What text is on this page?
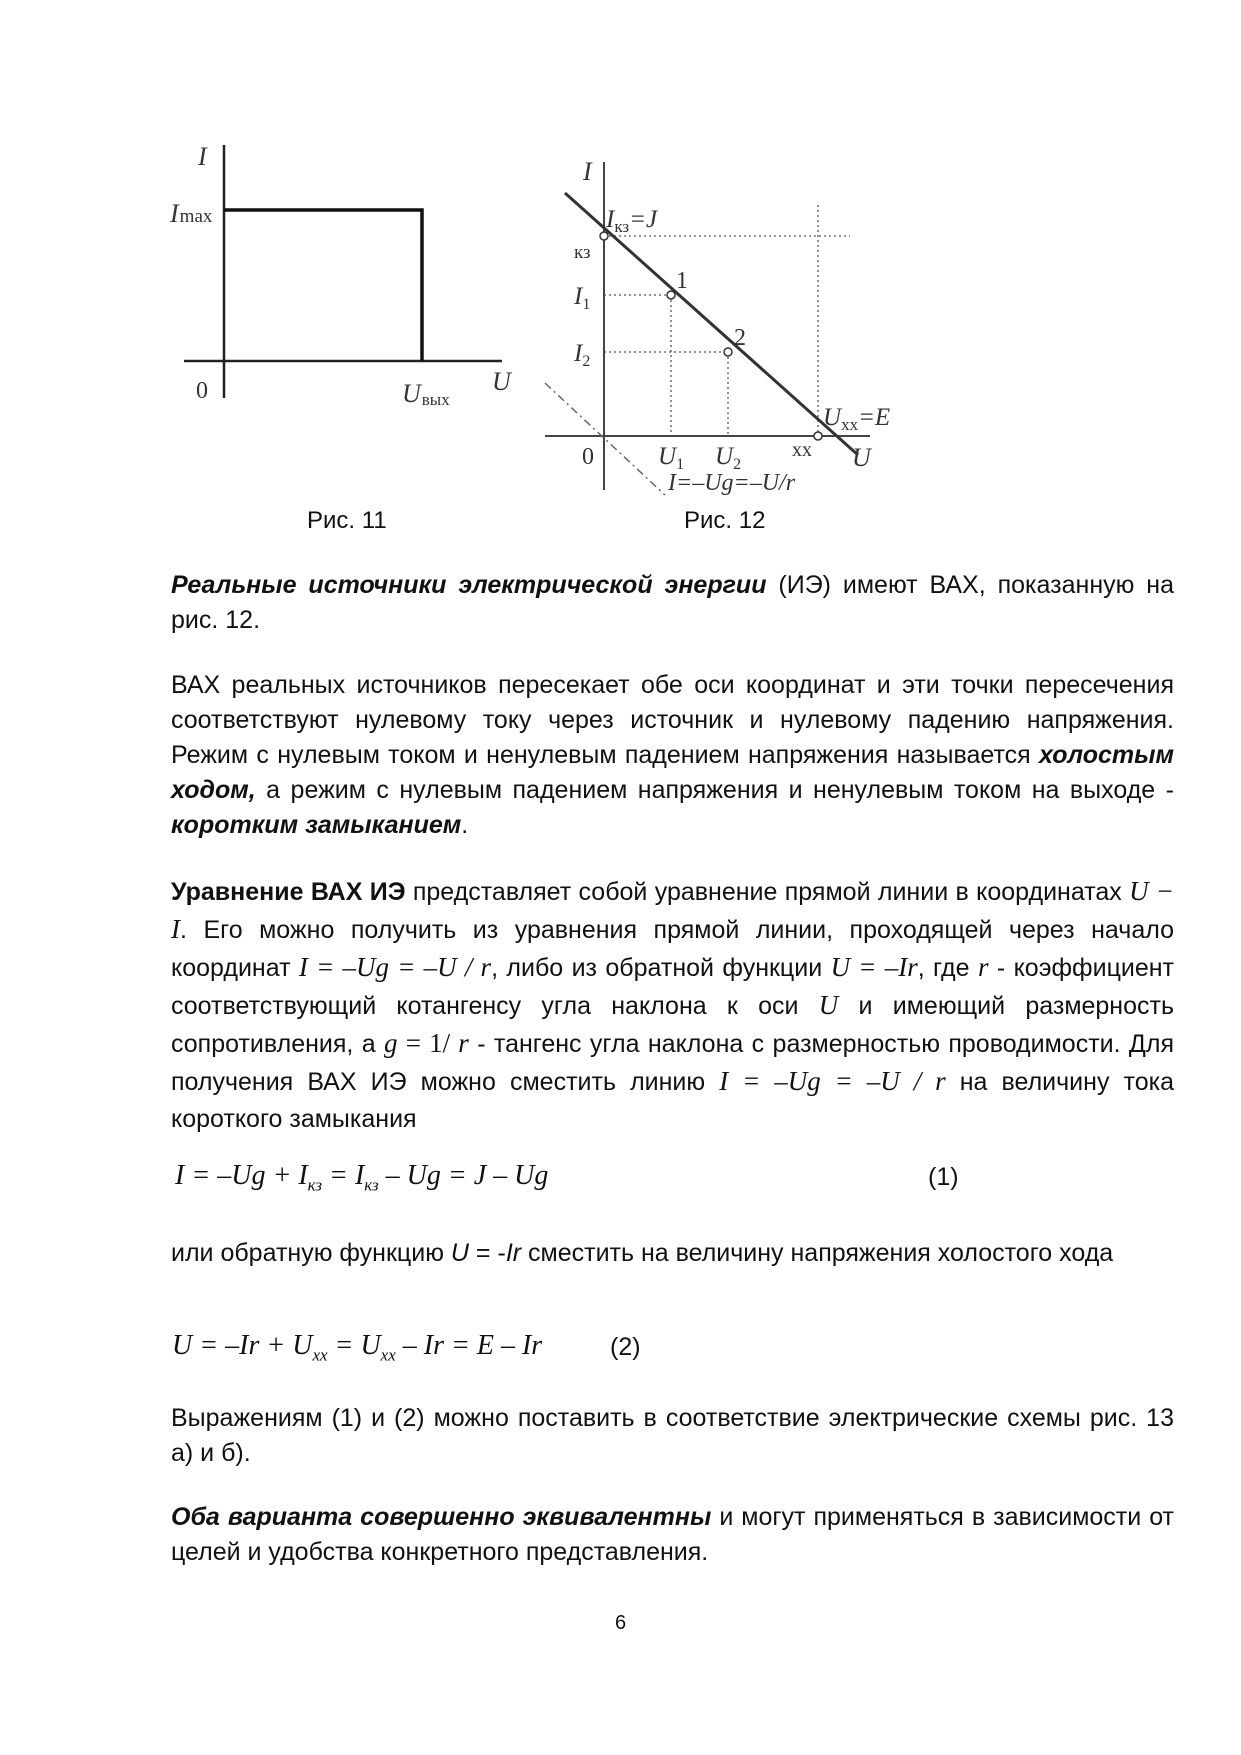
I
Imax
0	Uвых
U
Рис. 11
I
$I_{кз}=J$
кз
$I_1$
$I_2$
1
2
$U_{хх}=E$
хх U
0	$U_1$ $U_2$
I=–Ug=–U/r
Рис. 12

Реальные источники электрической энергии (ИЭ) имеют ВАХ, показанную на рис. 12.

ВАХ реальных источников пересекает обе оси координат и эти точки пересечения соответствуют нулевому току через источник и нулевому падению напряжения. Режим с нулевым током и ненулевым падением напряжения называется холостым ходом, а режим с нулевым падением напряжения и ненулевым током на выходе - коротким замыканием.

Уравнение ВАХ ИЭ представляет собой уравнение прямой линии в координатах U − I. Его можно получить из уравнения прямой линии, проходящей через начало координат I = –Ug = –U / r, либо из обратной функции U = –Ir, где r - коэффициент соответствующий котангенсу угла наклона к оси U и имеющий размерность сопротивления, а g = 1/ r - тангенс угла наклона с размерностью проводимости. Для получения ВАХ ИЭ можно сместить линию I = –Ug = –U / r на величину тока короткого замыкания

$I = -Ug + I_{кз} = I_{кз} - Ug = J - Ug$	(1)

или обратную функцию U = -Ir сместить на величину напряжения холостого хода

$U = -Ir + U_{хх} = U_{хх} - Ir = E - Ir$	(2)

Выражениям (1) и (2) можно поставить в соответствие электрические схемы рис. 13 а) и б).

Оба варианта совершенно эквивалентны и могут применяться в зависимости от целей и удобства конкретного представления.

6
